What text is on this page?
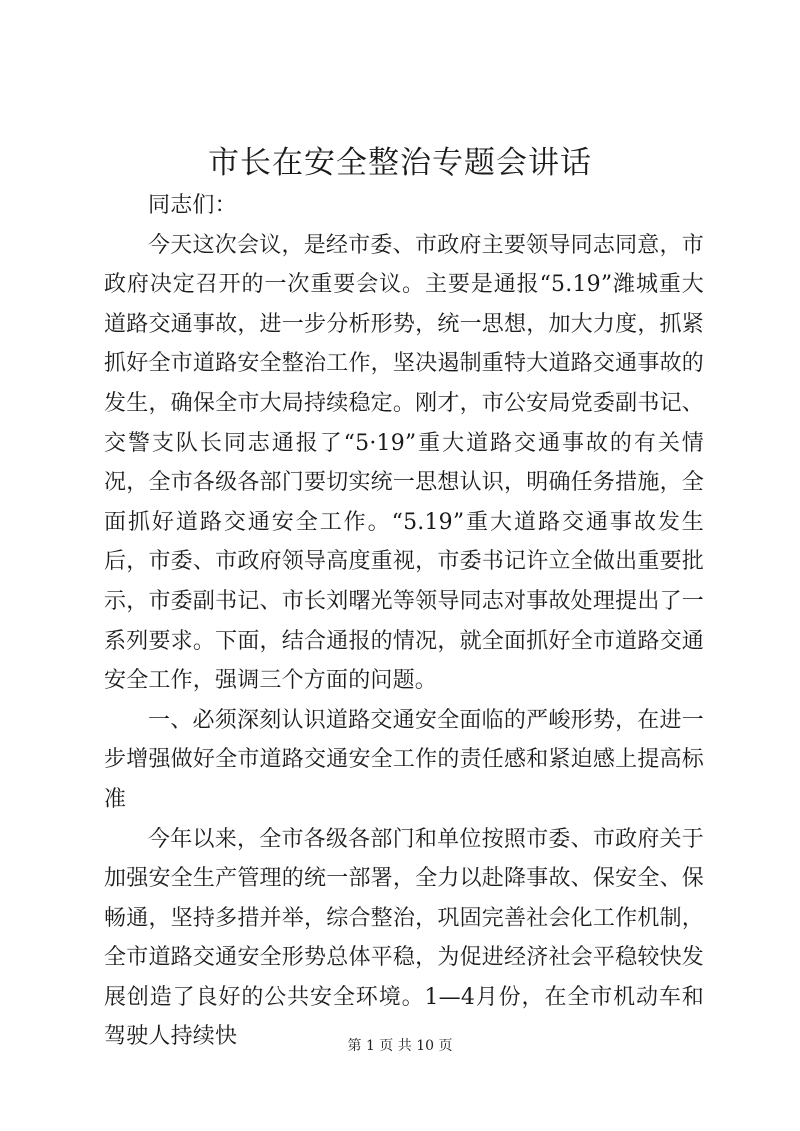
市长在安全整治专题会讲话

同志们：

今天这次会议，是经市委、市政府主要领导同志同意，市政府决定召开的一次重要会议。主要是通报“5.19”潍城重大道路交通事故，进一步分析形势，统一思想，加大力度，抓紧抓好全市道路安全整治工作，坚决遏制重特大道路交通事故的发生，确保全市大局持续稳定。刚才，市公安局党委副书记、交警支队长同志通报了“5·19”重大道路交通事故的有关情况，全市各级各部门要切实统一思想认识，明确任务措施，全面抓好道路交通安全工作。“5.19”重大道路交通事故发生后，市委、市政府领导高度重视，市委书记许立全做出重要批示，市委副书记、市长刘曙光等领导同志对事故处理提出了一系列要求。下面，结合通报的情况，就全面抓好全市道路交通安全工作，强调三个方面的问题。

一、必须深刻认识道路交通安全面临的严峻形势，在进一步增强做好全市道路交通安全工作的责任感和紧迫感上提高标准

今年以来，全市各级各部门和单位按照市委、市政府关于加强安全生产管理的统一部署，全力以赴降事故、保安全、保畅通，坚持多措并举，综合整治，巩固完善社会化工作机制，全市道路交通安全形势总体平稳，为促进经济社会平稳较快发展创造了良好的公共安全环境。1—4月份，在全市机动车和驾驶人持续快	第 1 页 共 10 页
